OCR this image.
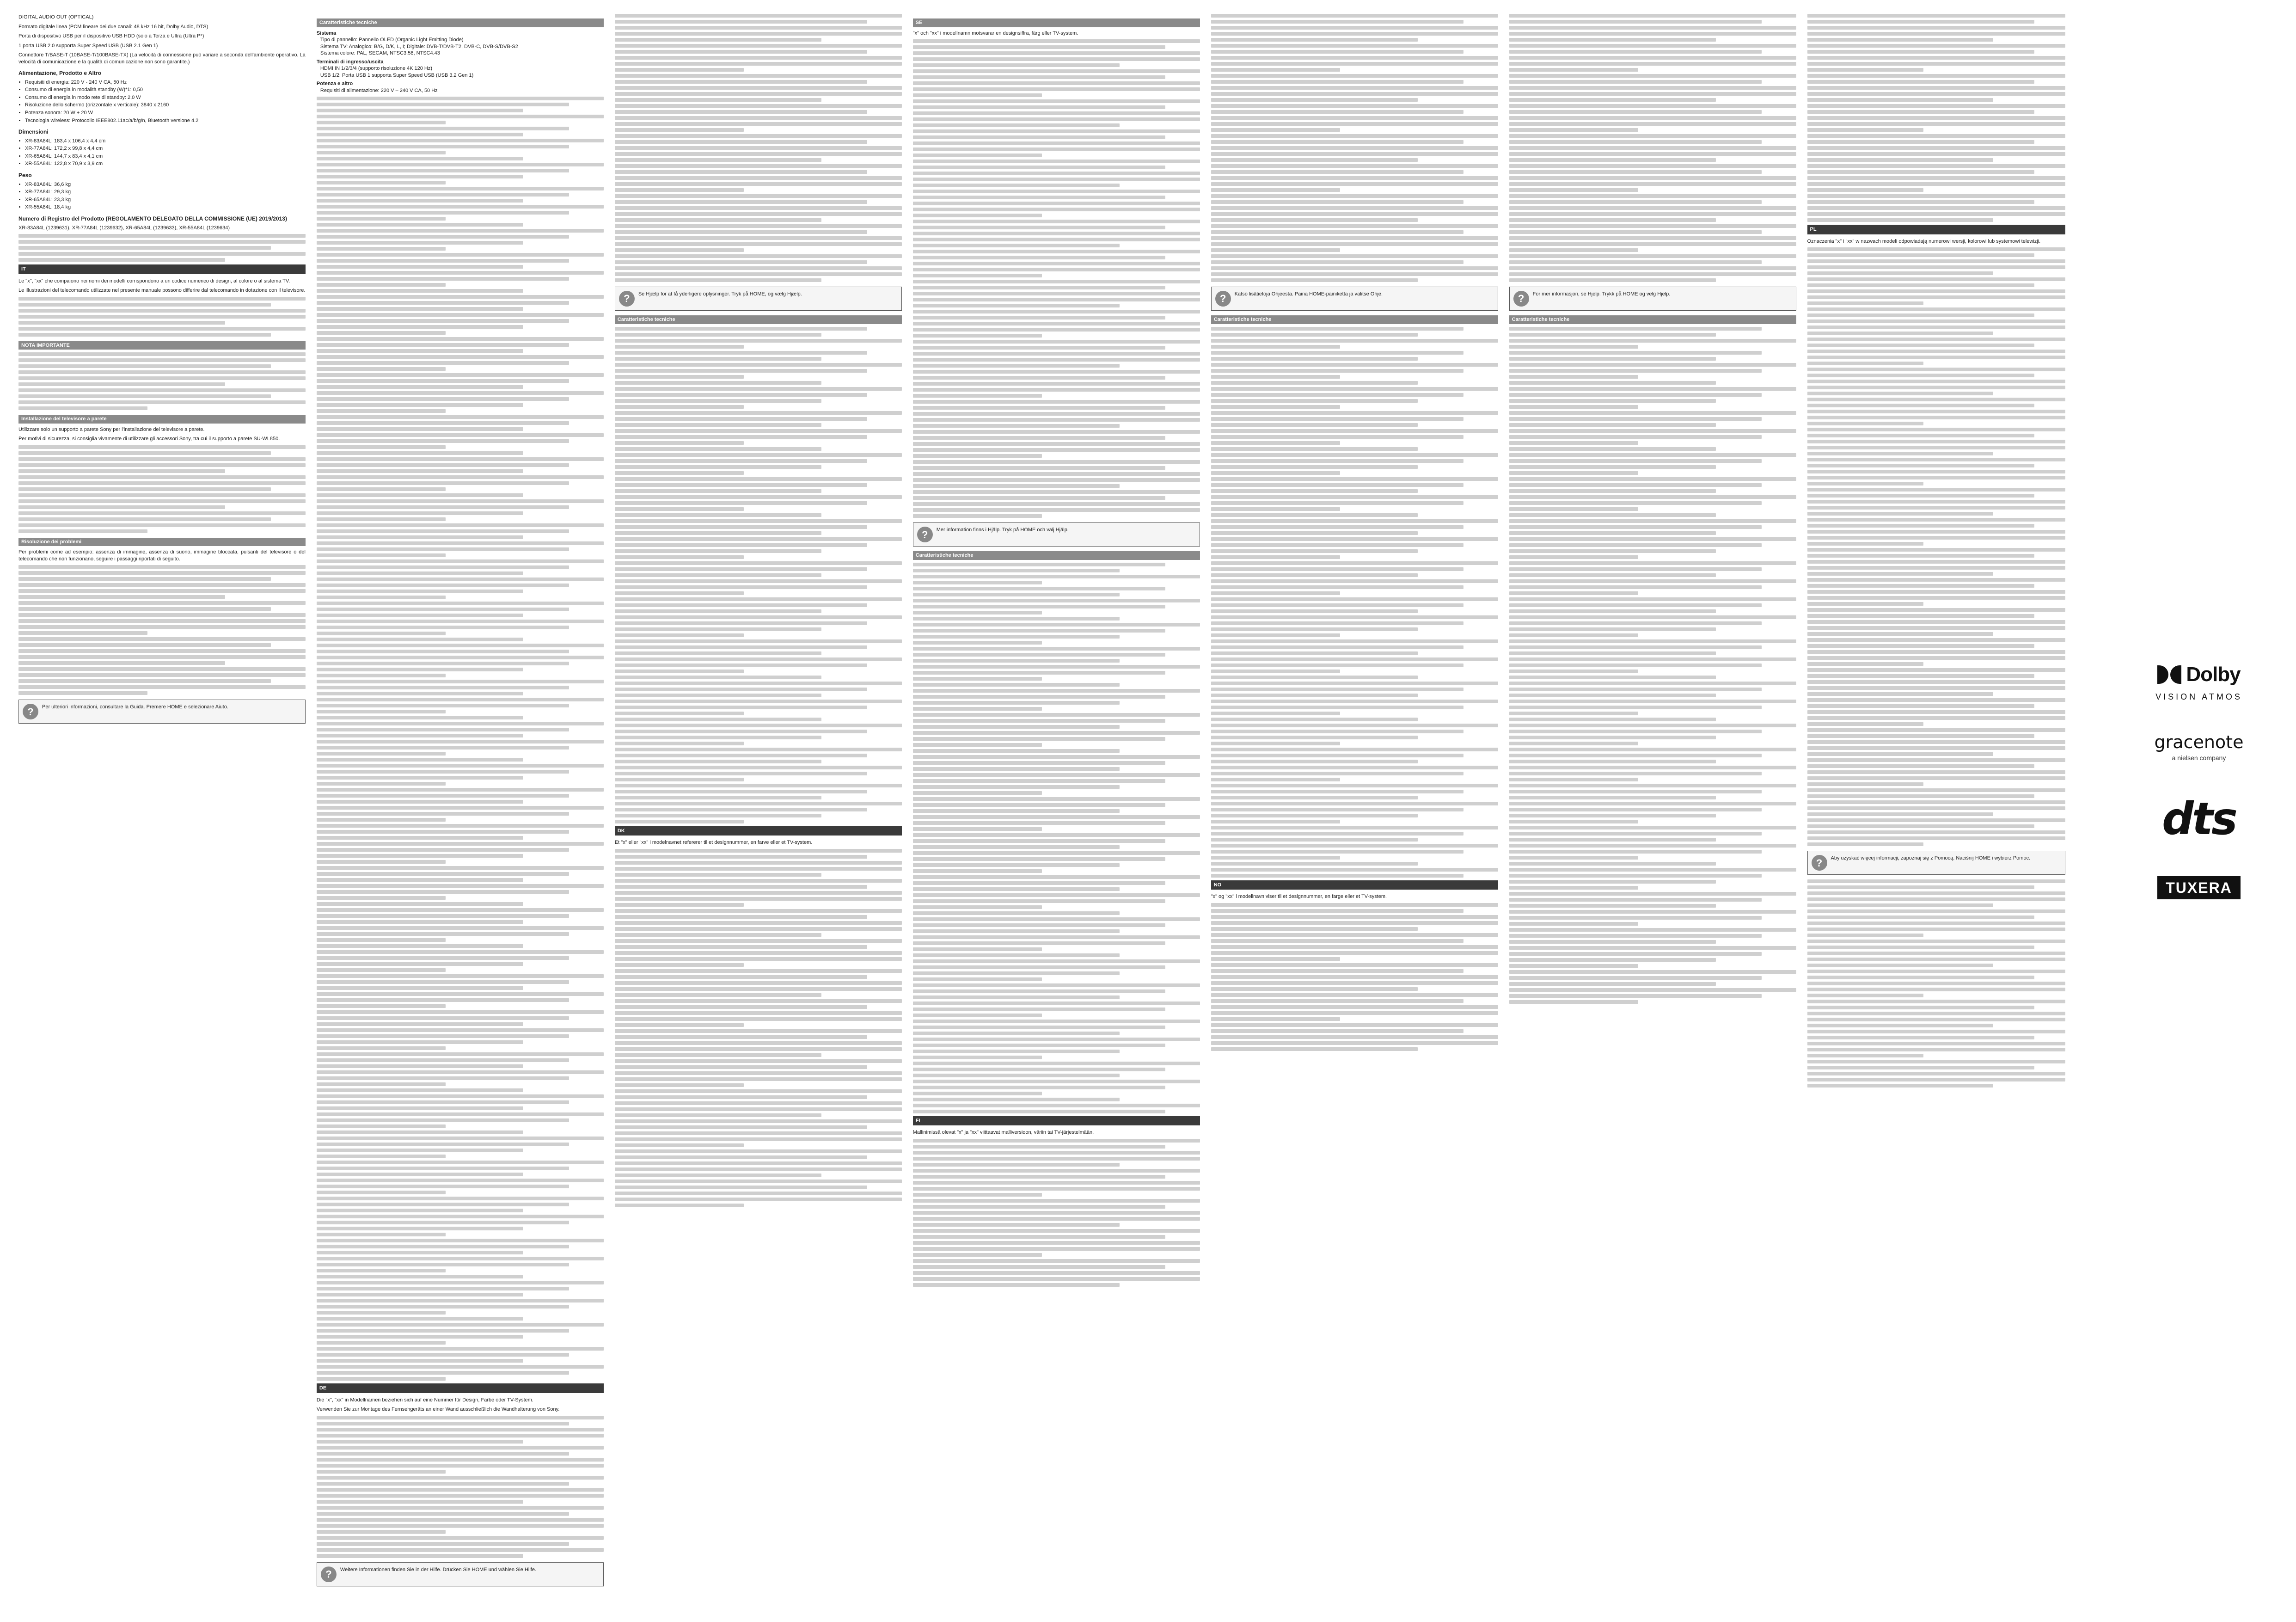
DIGITAL AUDIO OUT (OPTICAL)

Formato digitale linea (PCM lineare dei due canali: 48 kHz 16 bit, Dolby Audio, DTS)

Porta di dispositivo USB per il dispositivo USB HDD (solo a Terza e Ultra (Ultra P*)

1 porta USB 2.0 supporta Super Speed USB (USB 2.1 Gen 1)

Connettore T/BASE-T (10BASE-T/100BASE-TX) (La velocità di connessione può variare a seconda dell'ambiente operativo. La velocità di comunicazione e la qualità di comunicazione non sono garantite.)

Alimentazione, Prodotto e Altro
• Requisiti di energia: 220 V - 240 V CA, 50 Hz
• Consumo di energia in modalità standby (W)*1: 0,50
• Consumo di energia in modo rete di standby: 2,0 W
• Risoluzione dello schermo (orizzontale x verticale): 3840 x 2160
• Potenza sonora: 20 W + 20 W
• Tecnologia wireless: Protocollo IEEE802.11ac/a/b/g/n, Bluetooth versione 4.2
Dimensioni
• XR-83A84L: 183,4 x 106,4 x 4,4 cm
• XR-77A84L: 172,2 x 99,8 x 4,4 cm
• XR-65A84L: 144,7 x 83,4 x 4,1 cm
• XR-55A84L: 122,8 x 70,9 x 3,9 cm
Peso
• XR-83A84L: 36,6 kg
• XR-77A84L: 29,3 kg
• XR-65A84L: 23,3 kg
• XR-55A84L: 18,4 kg
Numero di Registro del Prodotto (REGOLAMENTO DELEGATO DELLA COMMISSIONE (UE) 2019/2013)

XR-83A84L (1239631), XR-77A84L (1239632), XR-65A84L (1239633), XR-55A84L (1239634)

IT

Le "x", "xx" che compaiono nei nomi dei modelli corrispondono a un codice numerico di design, al colore o al sistema TV.

Le illustrazioni del telecomando utilizzate nel presente manuale possono differire dal telecomando in dotazione con il televisore.

NOTA IMPORTANTE
Installazione del televisore a parete

Utilizzare solo un supporto a parete Sony per l'installazione del televisore a parete.

Per motivi di sicurezza, si consiglia vivamente di utilizzare gli accessori Sony, tra cui il supporto a parete SU-WL850.

Risoluzione dei problemi

Per problemi come ad esempio: assenza di immagine, assenza di suono, immagine bloccata, pulsanti del televisore o del telecomando che non funzionano, seguire i passaggi riportati di seguito.

?	Per ulteriori informazioni, consultare la Guida. Premere HOME e selezionare Aiuto.
Caratteristiche tecniche
Sistema
Tipo di pannello: Pannello OLED (Organic Light Emitting Diode)
Sistema TV: Analogico: B/G, D/K, L, I; Digitale: DVB-T/DVB-T2, DVB-C, DVB-S/DVB-S2
Sistema colore: PAL, SECAM, NTSC3.58, NTSC4.43
Terminali di ingresso/uscita
HDMI IN 1/2/3/4 (supporto risoluzione 4K 120 Hz)
USB 1/2: Porta USB 1 supporta Super Speed USB (USB 3.2 Gen 1)
Potenza e altro
Requisiti di alimentazione: 220 V – 240 V CA, 50 Hz
DE

Die "x", "xx" in Modellnamen beziehen sich auf eine Nummer für Design, Farbe oder TV-System.

Verwenden Sie zur Montage des Fernsehgeräts an einer Wand ausschließlich die Wandhalterung von Sony.

?	Weitere Informationen finden Sie in der Hilfe. Drücken Sie HOME und wählen Sie Hilfe.
?	Se Hjælp for at få yderligere oplysninger. Tryk på HOME, og vælg Hjælp.
Caratteristiche tecniche
DK

Et "x" eller "xx" i modelnavnet refererer til et designnummer, en farve eller et TV-system.

SE

"x" och "xx" i modellnamn motsvarar en designsiffra, färg eller TV-system.

?	Mer information finns i Hjälp. Tryk på HOME och välj Hjälp.
Caratteristiche tecniche
FI

Mallinimissä olevat "x" ja "xx" viittaavat malliversioon, väriin tai TV-järjestelmään.

?	Katso lisätietoja Ohjeesta. Paina HOME-painiketta ja valitse Ohje.
Caratteristiche tecniche
NO

"x" og "xx" i modellnavn viser til et designnummer, en farge eller et TV-system.

?	For mer informasjon, se Hjelp. Trykk på HOME og velg Hjelp.
Caratteristiche tecniche
PL

Oznaczenia "x" i "xx" w nazwach modeli odpowiadają numerowi wersji, kolorowi lub systemowi telewizji.

?	Aby uzyskać więcej informacji, zapoznaj się z Pomocą. Naciśnij HOME i wybierz Pomoc.
Dolby
VISION ATMOS
gracenote
a nielsen company
dts
TUXERA
